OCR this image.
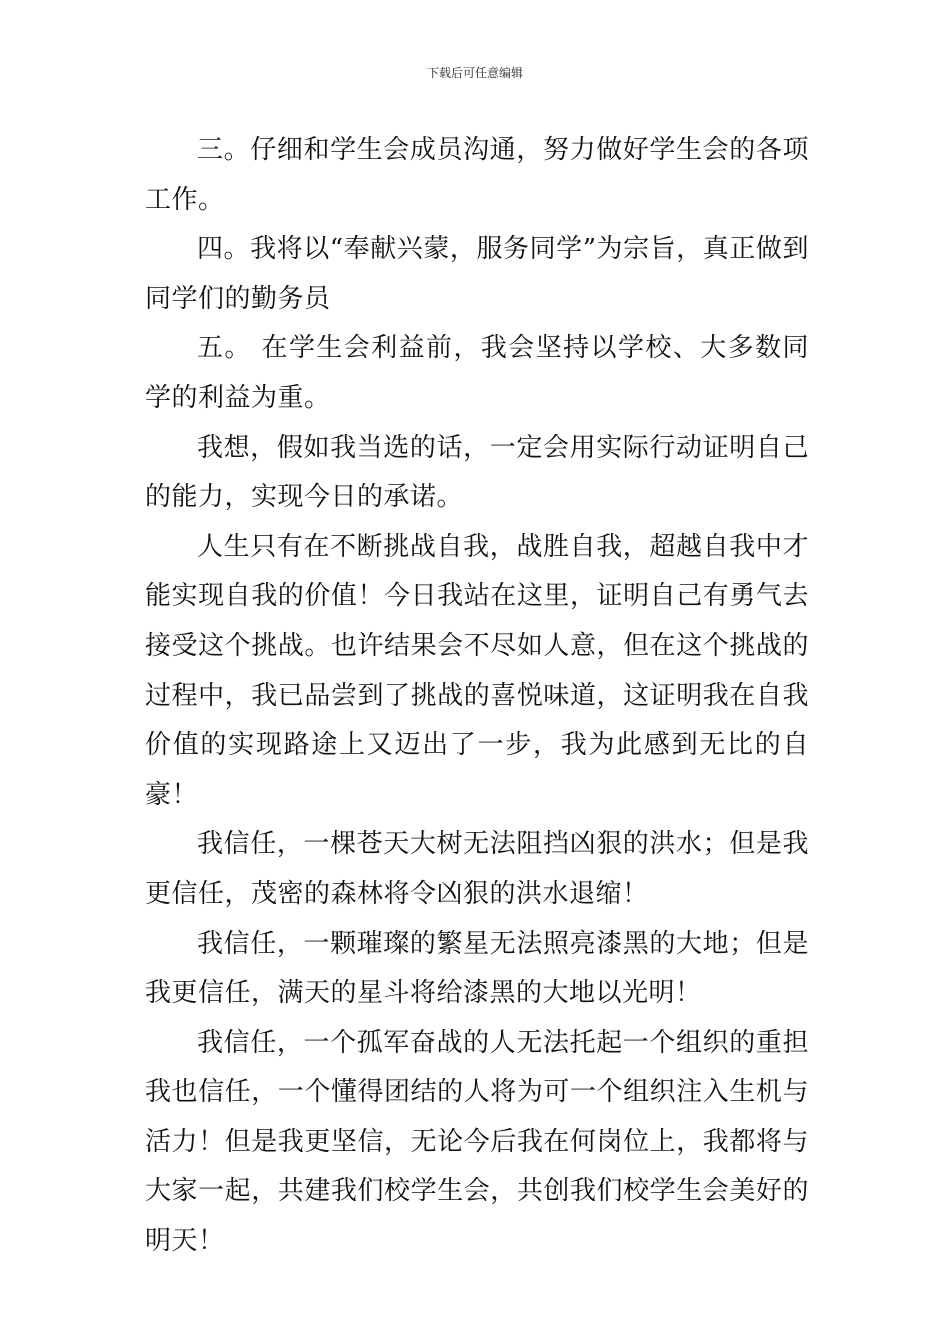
下载后可任意编辑

三。仔细和学生会成员沟通，努力做好学生会的各项工作。

四。我将以“奉献兴蒙，服务同学”为宗旨，真正做到同学们的勤务员

五。 在学生会利益前，我会坚持以学校、大多数同学的利益为重。

我想，假如我当选的话，一定会用实际行动证明自己的能力，实现今日的承诺。

人生只有在不断挑战自我，战胜自我，超越自我中才能实现自我的价值！今日我站在这里，证明自己有勇气去接受这个挑战。也许结果会不尽如人意，但在这个挑战的过程中，我已品尝到了挑战的喜悦味道，这证明我在自我价值的实现路途上又迈出了一步，我为此感到无比的自豪！

我信任，一棵苍天大树无法阻挡凶狠的洪水；但是我更信任，茂密的森林将令凶狠的洪水退缩！

我信任，一颗璀璨的繁星无法照亮漆黑的大地；但是我更信任，满天的星斗将给漆黑的大地以光明！

我信任，一个孤军奋战的人无法托起一个组织的重担我也信任，一个懂得团结的人将为可一个组织注入生机与活力！但是我更坚信，无论今后我在何岗位上，我都将与大家一起，共建我们校学生会，共创我们校学生会美好的明天！
